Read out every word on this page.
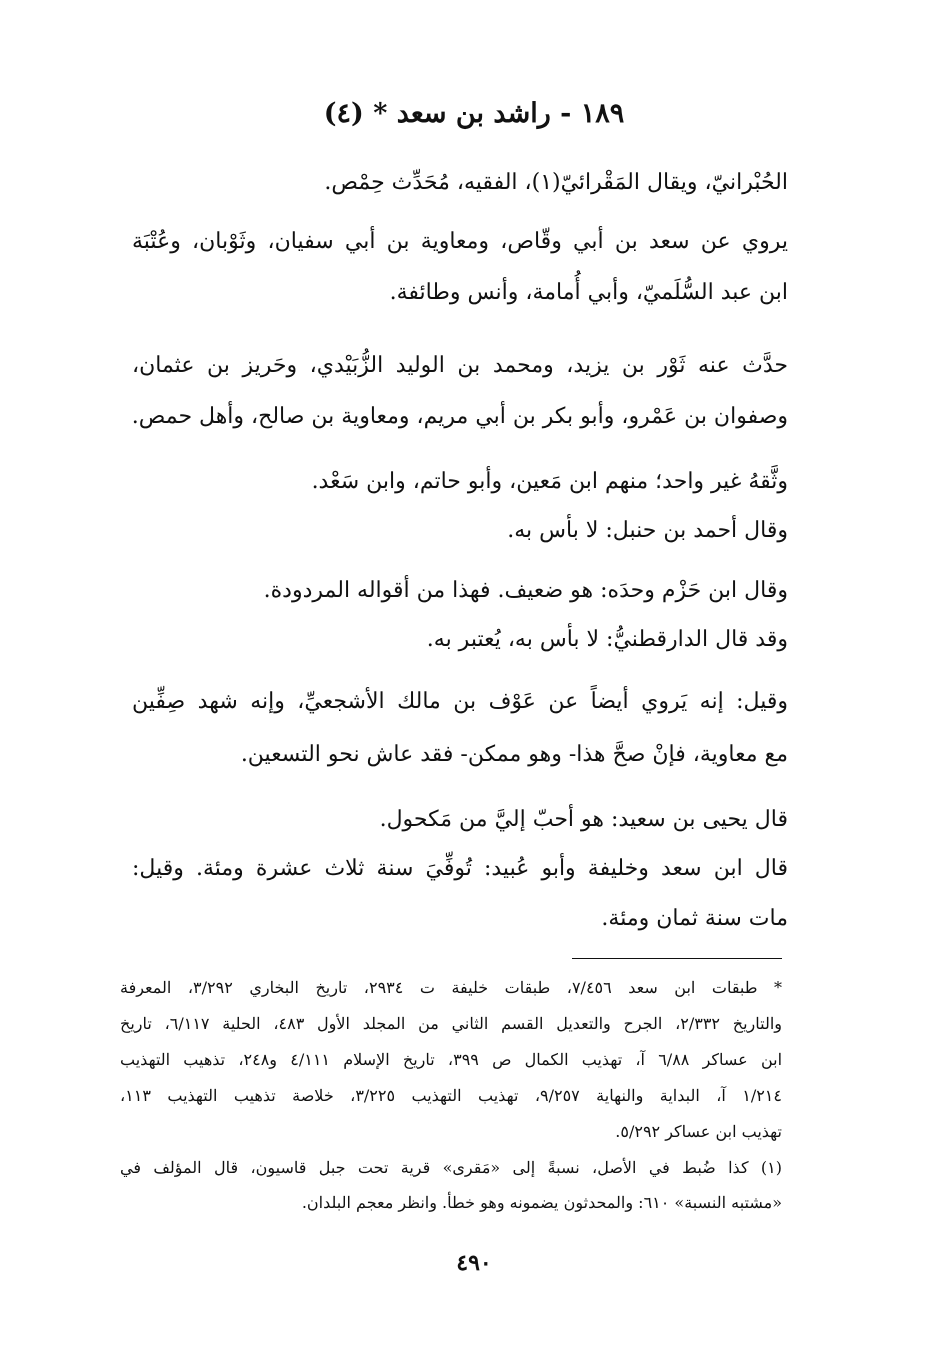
١٨٩ - راشد بن سعد * (٤)
الحُبْرانيّ، ويقال المَقْرائيّ(١)، الفقيه، مُحَدِّث حِمْص.
يروي عن سعد بن أبي وقّاص، ومعاوية بن أبي سفيان، وثَوْبان، وعُتْبَة
ابن عبد السُّلَميّ، وأبي أُمامة، وأنس وطائفة.
حدَّث عنه ثَوْر بن يزيد، ومحمد بن الوليد الزُّبَيْدي، وحَريز بن عثمان،
وصفوان بن عَمْرو، وأبو بكر بن أبي مريم، ومعاوية بن صالح، وأهل حمص.
وثَّقهُ غير واحد؛ منهم ابن مَعين، وأبو حاتم، وابن سَعْد.
وقال أحمد بن حنبل: لا بأس به.
وقال ابن حَزْم وحدَه: هو ضعيف. فهذا من أقواله المردودة.
وقد قال الدارقطنيُّ: لا بأس به، يُعتبر به.
وقيل: إنه يَروي أيضاً عن عَوْف بن مالك الأشجعيِّ، وإنه شهد صِفِّين
مع معاوية، فإنْ صحَّ هذا- وهو ممكن- فقد عاش نحو التسعين.
قال يحيى بن سعيد: هو أحبّ إليَّ من مَكحول.
قال ابن سعد وخليفة وأبو عُبيد: تُوفِّيَ سنة ثلاث عشرة ومئة. وقيل:
مات سنة ثمان ومئة.
* طبقات ابن سعد ٧/٤٥٦، طبقات خليفة ت ٢٩٣٤، تاريخ البخاري ٣/٢٩٢، المعرفة
والتاريخ ٢/٣٣٢، الجرح والتعديل القسم الثاني من المجلد الأول ٤٨٣، الحلية ٦/١١٧، تاريخ
ابن عساكر ٦/٨٨ آ، تهذيب الكمال ص ٣٩٩، تاريخ الإسلام ٤/١١١ و٢٤٨، تذهيب التهذيب
١/٢١٤ آ، البداية والنهاية ٩/٢٥٧، تهذيب التهذيب ٣/٢٢٥، خلاصة تذهيب التهذيب ١١٣،
تهذيب ابن عساكر ٥/٢٩٢.
(١) كذا ضُبط في الأصل، نسبةً إلى «مَقرى» قرية تحت جبل قاسيون، قال المؤلف في
«مشتبه النسبة» ٦١٠: والمحدثون يضمونه وهو خطأ. وانظر معجم البلدان.
٤٩٠
